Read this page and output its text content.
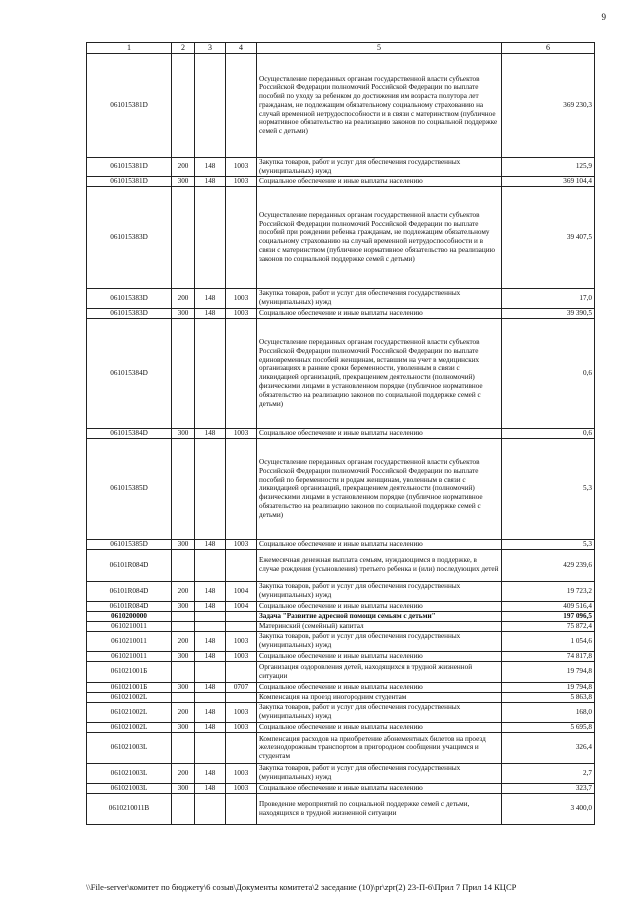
9
1	2	3	4	5	6
061015381D				Осуществление переданных органам государственной власти субъектов Российской Федерации полномочий Российской Федерации по выплате пособий по уходу за ребенком до достижения им возраста полутора лет гражданам, не подлежащим обязательному социальному страхованию на случай временной нетрудоспособности и в связи с материнством (публичное нормативное обязательство на реализацию законов по социальной поддержке семей с детьми)	369 230,3
061015381D	200	148	1003	Закупка товаров, работ и услуг для обеспечения государственных (муниципальных) нужд	125,9
061015381D	300	148	1003	Социальное обеспечение и иные выплаты населению	369 104,4
061015383D				Осуществление переданных органам государственной власти субъектов Российской Федерации полномочий Российской Федерации по выплате пособий при рождении ребенка гражданам, не подлежащим обязательному социальному страхованию на случай временной нетрудоспособности и в связи с материнством (публичное нормативное обязательство на реализацию законов по социальной поддержке семей с детьми)	39 407,5
061015383D	200	148	1003	Закупка товаров, работ и услуг для обеспечения государственных (муниципальных) нужд	17,0
061015383D	300	148	1003	Социальное обеспечение и иные выплаты населению	39 390,5
061015384D				Осуществление переданных органам государственной власти субъектов Российской Федерации полномочий Российской Федерации по выплате единовременных пособий женщинам, вставшим на учет в медицинских организациях в ранние сроки беременности, уволенным в связи с ликвидацией организаций, прекращением деятельности (полномочий) физическими лицами в установленном порядке (публичное нормативное обязательство на реализацию законов по социальной поддержке семей с детьми)	0,6
061015384D	300	148	1003	Социальное обеспечение и иные выплаты населению	0,6
061015385D				Осуществление переданных органам государственной власти субъектов Российской Федерации полномочий Российской Федерации по выплате пособий по беременности и родам женщинам, уволенным в связи с ликвидацией организаций, прекращением деятельности (полномочий) физическими лицами в установленном порядке (публичное нормативное обязательство на реализацию законов по социальной поддержке семей с детьми)	5,3
061015385D	300	148	1003	Социальное обеспечение и иные выплаты населению	5,3
06101R084D				Ежемесячная денежная выплата семьям, нуждающимся в поддержке, в случае рождения (усыновления) третьего ребенка и (или) последующих детей	429 239,6
06101R084D	200	148	1004	Закупка товаров, работ и услуг для обеспечения государственных (муниципальных) нужд	19 723,2
06101R084D	300	148	1004	Социальное обеспечение и иные выплаты населению	409 516,4
0610200000				Задача "Развитие адресной помощи семьям с детьми"	197 096,5
0610210011				Материнский (семейный) капитал	75 872,4
0610210011	200	148	1003	Закупка товаров, работ и услуг для обеспечения государственных (муниципальных) нужд	1 054,6
0610210011	300	148	1003	Социальное обеспечение и иные выплаты населению	74 817,8
061021001Б				Организация оздоровления детей, находящихся в трудной жизненной ситуации	19 794,8
061021001Б	300	148	0707	Социальное обеспечение и иные выплаты населению	19 794,8
061021002L				Компенсация на проезд иногородним студентам	5 863,8
061021002L	200	148	1003	Закупка товаров, работ и услуг для обеспечения государственных (муниципальных) нужд	168,0
061021002L	300	148	1003	Социальное обеспечение и иные выплаты населению	5 695,8
061021003L				Компенсация расходов на приобретение абонементных билетов на проезд железнодорожным транспортом в пригородном сообщении учащимся и студентам	326,4
061021003L	200	148	1003	Закупка товаров, работ и услуг для обеспечения государственных (муниципальных) нужд	2,7
061021003L	300	148	1003	Социальное обеспечение и иные выплаты населению	323,7
0610210011В				Проведение мероприятий по социальной поддержке семей с детьми, находящихся в трудной жизненной ситуации	3 400,0
\\File-server\комитет по бюджету\6 созыв\Документы комитета\2 заседание (10)\pr\zpr(2) 23-П-6\Прил 7 Прил 14 КЦСР
